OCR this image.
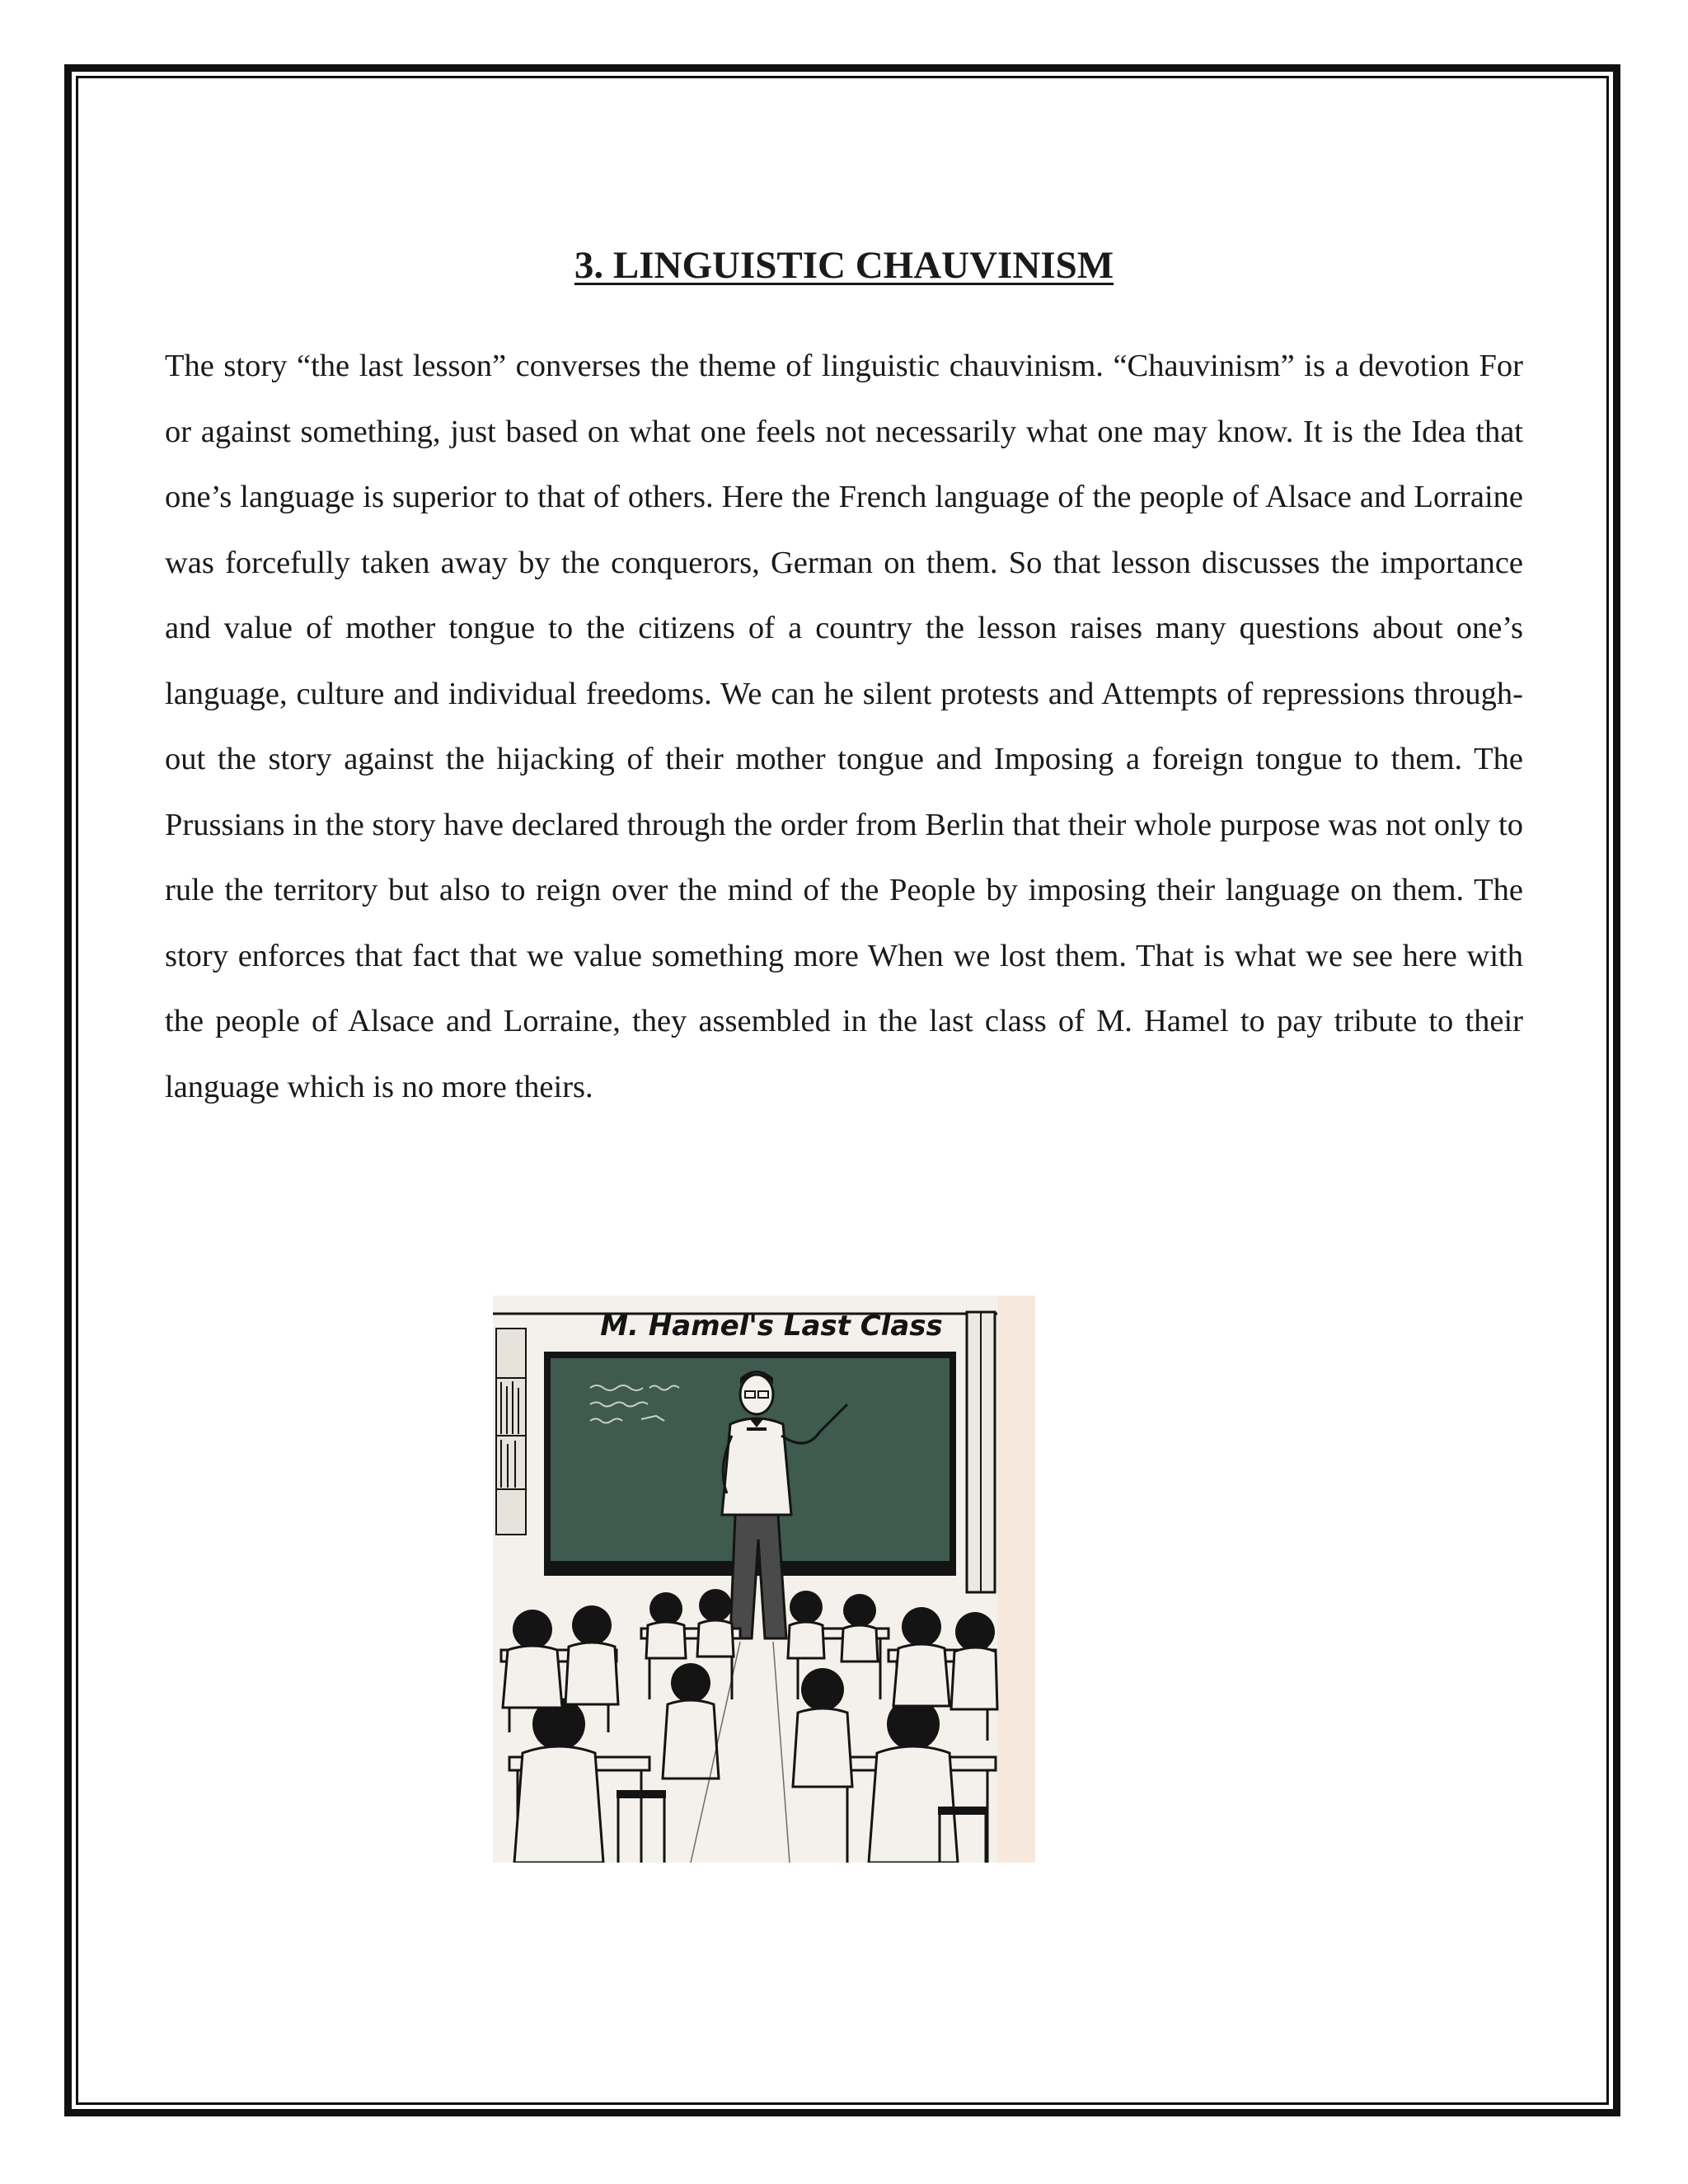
3. LINGUISTIC CHAUVINISM

The story “the last lesson” converses the theme of linguistic chauvinism. “Chauvinism” is a devotion For or against something, just based on what one feels not necessarily what one may know. It is the Idea that one’s language is superior to that of others. Here the French language of the people of Alsace and Lorraine was forcefully taken away by the conquerors, German on them. So that lesson discusses the importance and value of mother tongue to the citizens of a country the lesson raises many questions about one’s language, culture and individual freedoms. We can he silent protests and Attempts of repressions through-out the story against the hijacking of their mother tongue and Imposing a foreign tongue to them. The Prussians in the story have declared through the order from Berlin that their whole purpose was not only to rule the territory but also to reign over the mind of the People by imposing their language on them. The story enforces that fact that we value something more When we lost them. That is what we see here with the people of Alsace and Lorraine, they assembled in the last class of M. Hamel to pay tribute to their language which is no more theirs.

M. Hamel's Last Class
